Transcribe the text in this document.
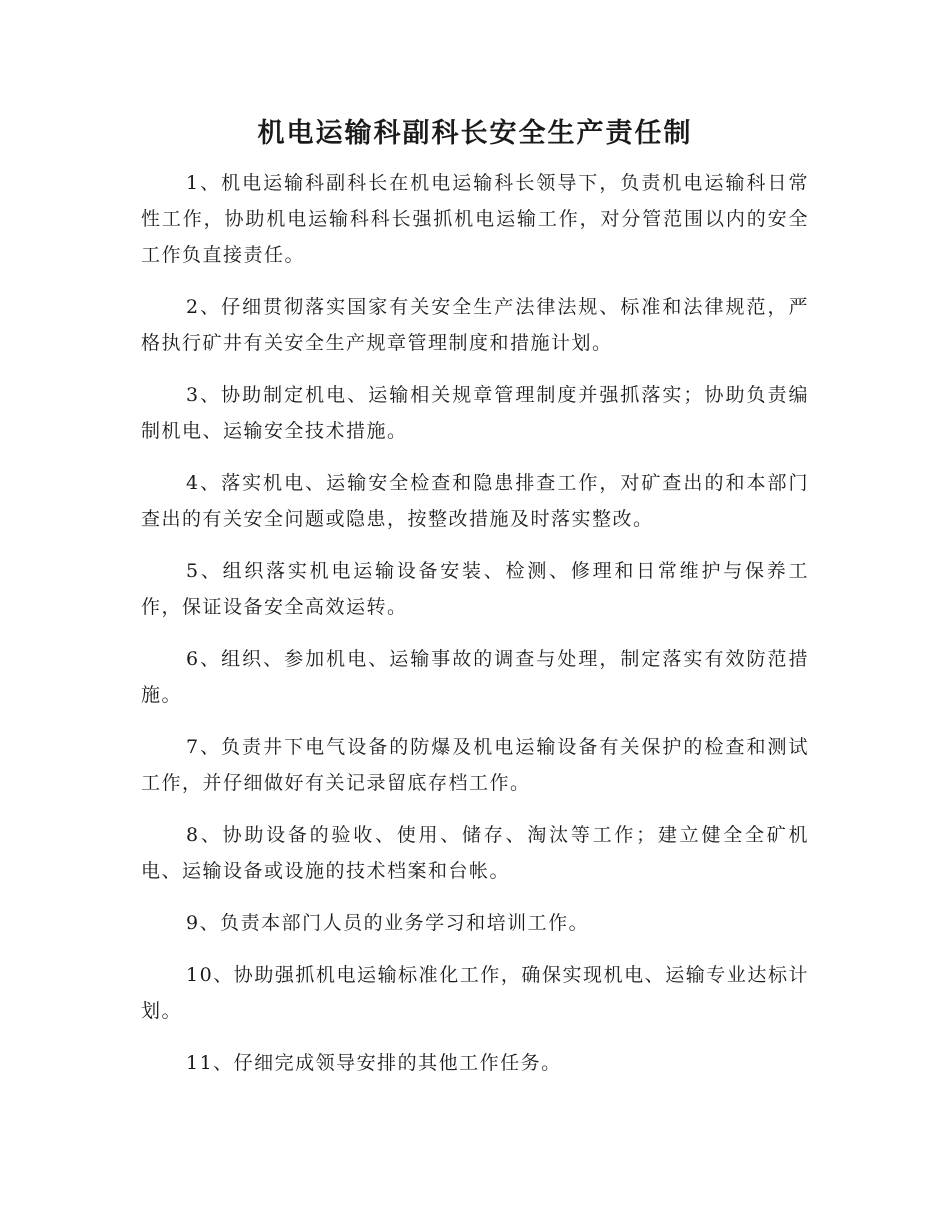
机电运输科副科长安全生产责任制

1、机电运输科副科长在机电运输科长领导下，负责机电运输科日常性工作，协助机电运输科科长强抓机电运输工作，对分管范围以内的安全工作负直接责任。

2、仔细贯彻落实国家有关安全生产法律法规、标准和法律规范，严格执行矿井有关安全生产规章管理制度和措施计划。

3、协助制定机电、运输相关规章管理制度并强抓落实；协助负责编制机电、运输安全技术措施。

4、落实机电、运输安全检查和隐患排查工作，对矿查出的和本部门查出的有关安全问题或隐患，按整改措施及时落实整改。

5、组织落实机电运输设备安装、检测、修理和日常维护与保养工作，保证设备安全高效运转。

6、组织、参加机电、运输事故的调查与处理，制定落实有效防范措施。

7、负责井下电气设备的防爆及机电运输设备有关保护的检查和测试工作，并仔细做好有关记录留底存档工作。

8、协助设备的验收、使用、储存、淘汰等工作；建立健全全矿机电、运输设备或设施的技术档案和台帐。

9、负责本部门人员的业务学习和培训工作。

10、协助强抓机电运输标准化工作，确保实现机电、运输专业达标计划。

11、仔细完成领导安排的其他工作任务。
